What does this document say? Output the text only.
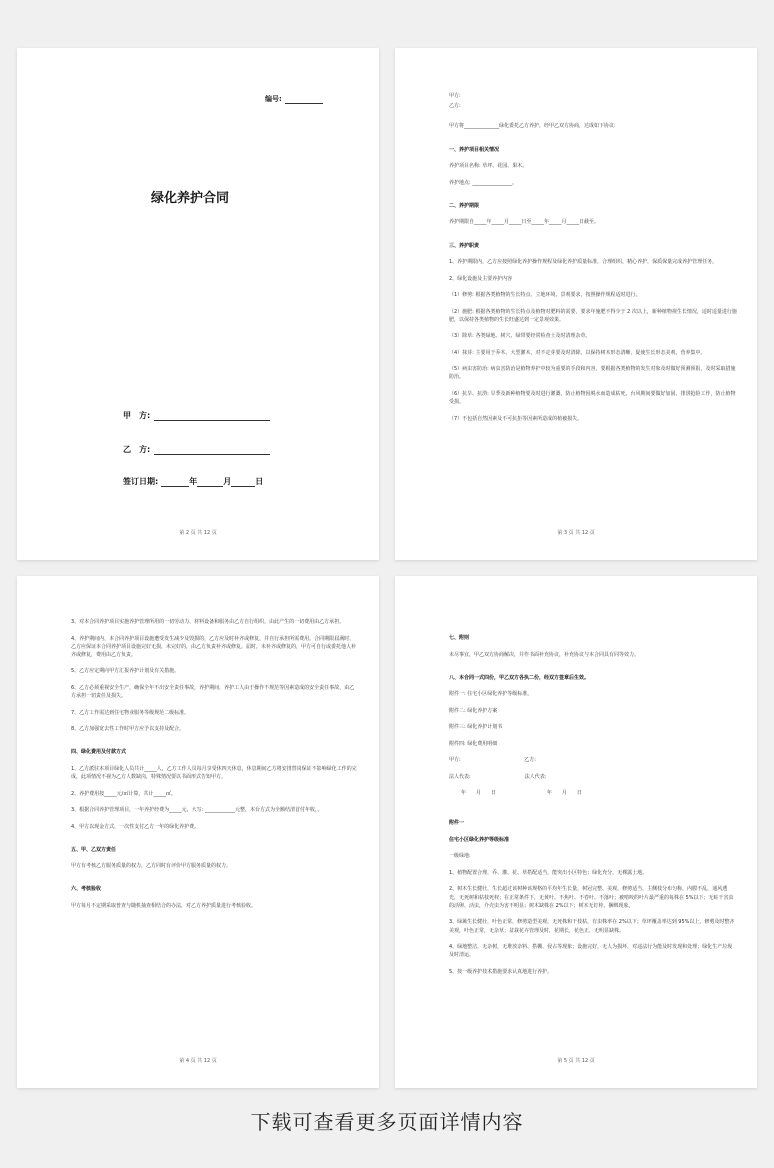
编号:
绿化养护合同
甲　方:
乙　方:
签订日期:	年	月	日
第 2 页 共 12 页

甲方:

乙方:

甲方将______________绿化委托乙方养护，经甲乙双方协商，达成如下协议:

一、养护项目相关情况

养护项目名称: 草坪、花园、果木。

养护地点: ________________。

二、养护期限

养护期限自_____年_____月_____日至_____年_____月_____日截至。

三、养护职责

1、养护期限内，乙方应按照绿化养护操作规程及绿化养护质量标准，合理组织，精心养护，保质保量完成养护管理任务。

2、绿化设施及主要养护内容

（1）修剪: 根据各类植物的生长特点、立地环境、景观要求，按照操作规程适时进行。

（2）施肥: 根据各类植物的生长特点及植物对肥料的需要，要求年施肥不得少于 2 次以上，新种植物视生长情况，适时适量进行施肥，以保持各类植物的生长旺盛达到一定景观效果。

（3）除草: 各类绿地、树穴、绿带要经常检查土及时清理杂草。

（4）抹芽: 主要用于乔木、大型灌木，对不定芽要及时清除，以保持树木形态清晰，促使生长形态美观，营养集中。

（5）病虫害防治: 病虫害防治是植物养护中较为重要的手段和内容，要根据各类植物的发生对象及时做好预测预报，及时采取措施防治。

（6）抗旱、抗涝: 旱季及新种植物要及时进行灌溉，防止植物因脱水而造成枯死，台风期间要做好加固、排涝抢险工作，防止植物受损。

（7）不包括自然因素及不可抗拒等因素所造成的植被损失。

第 3 页 共 12 页

3、对本合同养护项目实施养护管理所用的一切劳动力、材料设备和服务由乙方自行组织，由此产生的一切费用由乙方承担。

4、养护期间内，本合同养护项目设施遭受发生减少及毁损的，乙方应及时补齐或修复，并自行承担所需费用。合同期限届满时，乙方应保证本合同养护项目设施完好无损，未完好的，由乙方负责补齐或修复。届时，未补齐或修复的，甲方可自行或委托他人补齐或修复，费用由乙方负责。

5、乙方应定期向甲方汇报养护计划及有关措施。

6、乙方必须重视安全生产，确保全年不出安全责任事故，养护期间，养护工人由于操作不规范等因素造成的安全责任事故，由乙方承担一切责任及损失。

7、乙方工作需达到住宅物业服务等级规范二级标准。

8、乙方加强宽去性工作时甲方应予以支持及配合。

四、绿化费用及付款方式

1、乙方派驻本项目绿化人员共计_____人，乙方工作人员每月享受休四天休息，休息期间乙方将安排替岗保证不影响绿化工作的完成，此项情况不视为乙方人数缺岗，特殊情况要以书面形式告知甲方。

2、养护费用按_____元/㎡计算，共计_____㎡。

3、根据合同养护管理项目，一年养护经费为_____元，大写: ____________元整，本台方式为全额结清首付年收，。

4、甲方以现金方式，一次性支付乙方一年的绿化养护费。

五、甲、乙双方责任

甲方有考核乙方服务质量的权力，乙方同时有评价甲方服务质量的权力。

六、考核验收

甲方每月不定期采取普查与随机抽查相结合的办法，对乙方养护质量进行考核验收。

第 4 页 共 12 页

七、附则

未尽事宜，甲乙双方协商解决，并作书面补充协议，补充协议与本合同具有同等效力。

八、本合同一式四份，甲乙双方各执二份，经双方签章后生效。

附件一: 住宅小区绿化养护等级标准。

附件二: 绿化养护方案

附件三: 绿化养护计划书

附件四: 绿化费用明细

甲方:                                        乙方:

法人代表:                                  法人代表:

年　　月　　日                                年　　月　　日

附件一

住宅小区绿化养护等级标准

一级绿地:

1、植物配置合理，乔、灌、花、草搭配适当，能突出小区特色；绿化充分，无裸露土地。

2、树木生长健壮，生长超过该树种该规格的平均年生长量，树冠完整、美观，修剪适当，主侧枝分布匀称，内膛不乱，通风透光，无死树和枯枝死杈；在正常条件下，无黄叶、不焦叶、不卷叶、不落叶；被啃咬的叶片最严重的每株在 5%以下；无蛀干害虫的活卵、活虫，介壳虫为害不明显；树木缺株在 2%以下；树木无钉栓、捆绑现象。

3、绿篱生长健壮，叶色正常，修剪造型美观，无死株和干枝枯，有虫株率在 2%以下；草坪覆盖率达到 95%以上，修剪及时整齐美观，叶色正常，无杂草；盆栽花卉管理及时，花期长，花色正，无明显缺株。

4、绿地整洁，无杂树，无堆放杂料、搭棚、侵占等现象；设施完好，无人为损坏，对违法行为能及时发现和处理；绿化生产垃圾及时清运。

5、按一级养护技术措施要求认真地进行养护。

第 5 页 共 12 页
下载可查看更多页面详情内容
